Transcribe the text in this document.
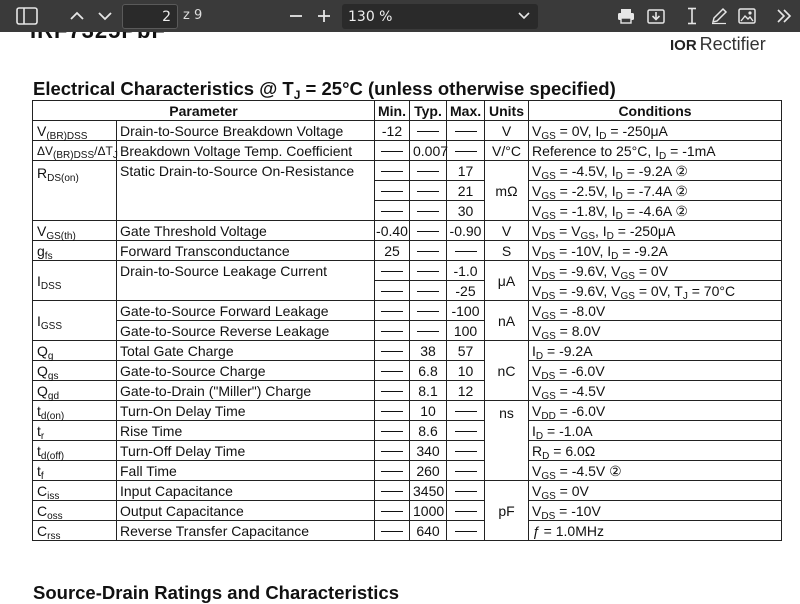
2
z 9	130 %
IOR Rectifier
Electrical Characteristics @ $T_J = 25^\circ C$ (unless otherwise specified)
Parameter		Min.	Typ.	Max.	Units	Conditions
$V_{(BR)DSS}$	Drain-to-Source Breakdown Voltage	-12			V	$V_{GS} = 0V$, $I_D = -250\mu A$
$\Delta V_{(BR)DSS}/\Delta T_J$	Breakdown Voltage Temp. Coefficient		0.007		V/°C	Reference to 25°C, $I_D = -1mA$
$R_{DS(on)}$	Static Drain-to-Source On-Resistance			17	mΩ	$V_{GS} = -4.5V$, $I_D = -9.2A$ ②
				21		$V_{GS} = -2.5V$, $I_D = -7.4A$ ②
				30		$V_{GS} = -1.8V$, $I_D = -4.6A$ ②
$V_{GS(th)}$	Gate Threshold Voltage	-0.40		-0.90	V	$V_{DS} = V_{GS}$, $I_D = -250\mu A$
$g_{fs}$	Forward Transconductance	25			S	$V_{DS} = -10V$, $I_D = -9.2A$
$I_{DSS}$	Drain-to-Source Leakage Current			-1.0	μA	$V_{DS} = -9.6V$, $V_{GS} = 0V$
				-25		$V_{DS} = -9.6V$, $V_{GS} = 0V$, $T_J = 70^\circ C$
$I_{GSS}$	Gate-to-Source Forward Leakage			-100	nA	$V_{GS} = -8.0V$
	Gate-to-Source Reverse Leakage			100		$V_{GS} = 8.0V$
$Q_g$	Total Gate Charge		38	57	nC	$I_D = -9.2A$
$Q_{gs}$	Gate-to-Source Charge		6.8	10		$V_{DS} = -6.0V$
$Q_{gd}$	Gate-to-Drain ("Miller") Charge		8.1	12		$V_{GS} = -4.5V$
$t_{d(on)}$	Turn-On Delay Time		10		ns	$V_{DD} = -6.0V$
$t_r$	Rise Time		8.6			$I_D = -1.0A$
$t_{d(off)}$	Turn-Off Delay Time		340			$R_D = 6.0\Omega$
$t_f$	Fall Time		260			$V_{GS} = -4.5V$ ②
$C_{iss}$	Input Capacitance		3450		pF	$V_{GS} = 0V$
$C_{oss}$	Output Capacitance		1000			$V_{DS} = -10V$
$C_{rss}$	Reverse Transfer Capacitance		640			ƒ = 1.0MHz
Source-Drain Ratings and Characteristics
